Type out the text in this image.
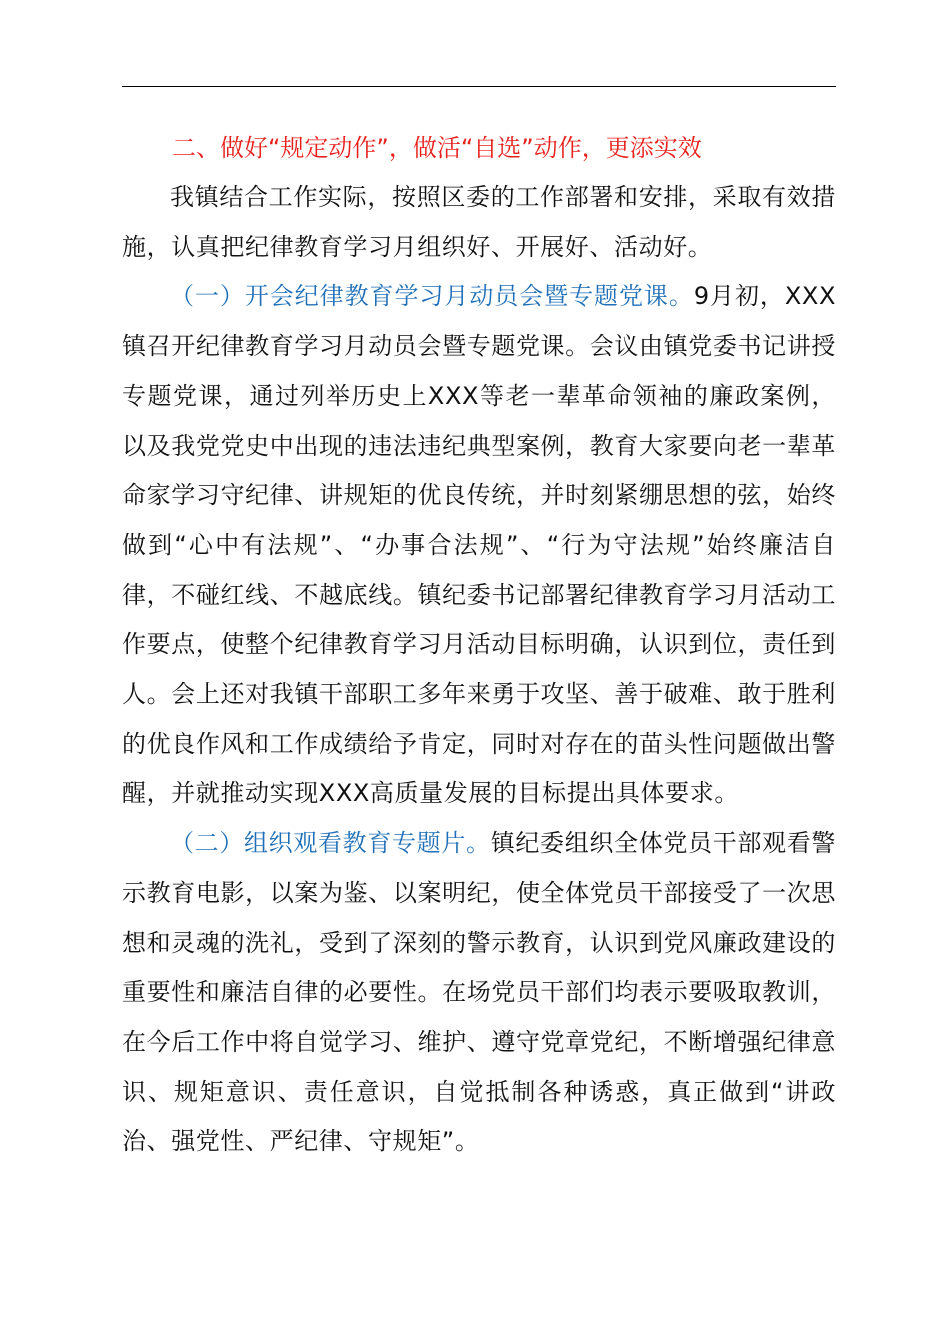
二、做好“规定动作”，做活“自选”动作，更添实效

我镇结合工作实际，按照区委的工作部署和安排，采取有效措施，认真把纪律教育学习月组织好、开展好、活动好。

（一）开会纪律教育学习月动员会暨专题党课。9月初，XXX镇召开纪律教育学习月动员会暨专题党课。会议由镇党委书记讲授专题党课，通过列举历史上XXX等老一辈革命领袖的廉政案例，以及我党党史中出现的违法违纪典型案例，教育大家要向老一辈革命家学习守纪律、讲规矩的优良传统，并时刻紧绷思想的弦，始终做到“心中有法规”、“办事合法规”、“行为守法规”始终廉洁自律，不碰红线、不越底线。镇纪委书记部署纪律教育学习月活动工作要点，使整个纪律教育学习月活动目标明确，认识到位，责任到人。会上还对我镇干部职工多年来勇于攻坚、善于破难、敢于胜利的优良作风和工作成绩给予肯定，同时对存在的苗头性问题做出警醒，并就推动实现XXX高质量发展的目标提出具体要求。

（二）组织观看教育专题片。镇纪委组织全体党员干部观看警示教育电影，以案为鉴、以案明纪，使全体党员干部接受了一次思想和灵魂的洗礼，受到了深刻的警示教育，认识到党风廉政建设的重要性和廉洁自律的必要性。在场党员干部们均表示要吸取教训，在今后工作中将自觉学习、维护、遵守党章党纪，不断增强纪律意识、规矩意识、责任意识，自觉抵制各种诱惑，真正做到“讲政治、强党性、严纪律、守规矩”。
